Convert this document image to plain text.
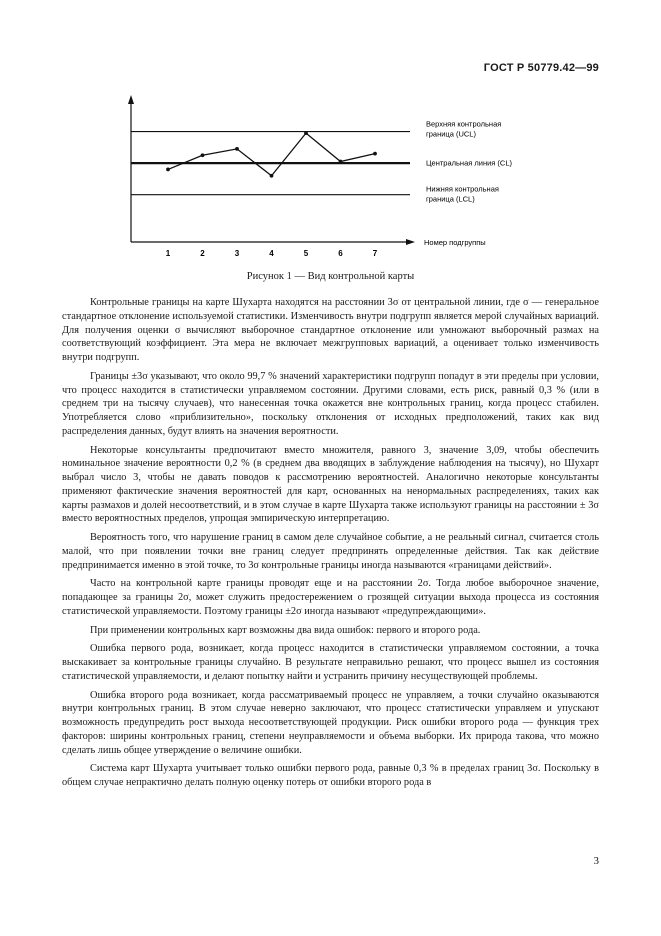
ГОСТ Р 50779.42—99
Верхняя контрольная
граница (UCL)
Центральная линия (CL)
Нижняя контрольная
граница (LCL)
Номер подгруппы
1	2	3	4	5	6	7
Рисунок 1 — Вид контрольной карты

Контрольные границы на карте Шухарта находятся на расстоянии 3σ от центральной линии, где σ — генеральное стандартное отклонение используемой статистики. Изменчивость внутри подгрупп является мерой случайных вариаций. Для получения оценки σ вычисляют выборочное стандартное отклонение или умножают выборочный размах на соответствующий коэффициент. Эта мера не включает межгрупповых вариаций, а оценивает только изменчивость внутри подгрупп.

Границы ±3σ указывают, что около 99,7 % значений характеристики подгрупп попадут в эти пределы при условии, что процесс находится в статистически управляемом состоянии. Другими словами, есть риск, равный 0,3 % (или в среднем три на тысячу случаев), что нанесенная точка окажется вне контрольных границ, когда процесс стабилен. Употребляется слово «приблизительно», поскольку отклонения от исходных предположений, таких как вид распределения данных, будут влиять на значения вероятности.

Некоторые консультанты предпочитают вместо множителя, равного 3, значение 3,09, чтобы обеспечить номинальное значение вероятности 0,2 % (в среднем два вводящих в заблуждение наблюдения на тысячу), но Шухарт выбрал число 3, чтобы не давать поводов к рассмотрению вероятностей. Аналогично некоторые консультанты применяют фактические значения вероятностей для карт, основанных на ненормальных распределениях, таких как карты размахов и долей несоответствий, и в этом случае в карте Шухарта также используют границы на расстоянии ± 3σ вместо вероятностных пределов, упрощая эмпирическую интерпретацию.

Вероятность того, что нарушение границ в самом деле случайное событие, а не реальный сигнал, считается столь малой, что при появлении точки вне границ следует предпринять определенные действия. Так как действие предпринимается именно в этой точке, то 3σ контрольные границы иногда называются «границами действий».

Часто на контрольной карте границы проводят еще и на расстоянии 2σ. Тогда любое выборочное значение, попадающее за границы 2σ, может служить предостережением о грозящей ситуации выхода процесса из состояния статистической управляемости. Поэтому границы ±2σ иногда называют «предупреждающими».

При применении контрольных карт возможны два вида ошибок: первого и второго рода.

Ошибка первого рода, возникает, когда процесс находится в статистически управляемом состоянии, а точка выскакивает за контрольные границы случайно. В результате неправильно решают, что процесс вышел из состояния статистической управляемости, и делают попытку найти и устранить причину несуществующей проблемы.

Ошибка второго рода возникает, когда рассматриваемый процесс не управляем, а точки случайно оказываются внутри контрольных границ. В этом случае неверно заключают, что процесс статистически управляем и упускают возможность предупредить рост выхода несоответствующей продукции. Риск ошибки второго рода — функция трех факторов: ширины контрольных границ, степени неуправляемости и объема выборки. Их природа такова, что можно сделать лишь общее утверждение о величине ошибки.

Система карт Шухарта учитывает только ошибки первого рода, равные 0,3 % в пределах границ 3σ. Поскольку в общем случае непрактично делать полную оценку потерь от ошибки второго рода в

3
